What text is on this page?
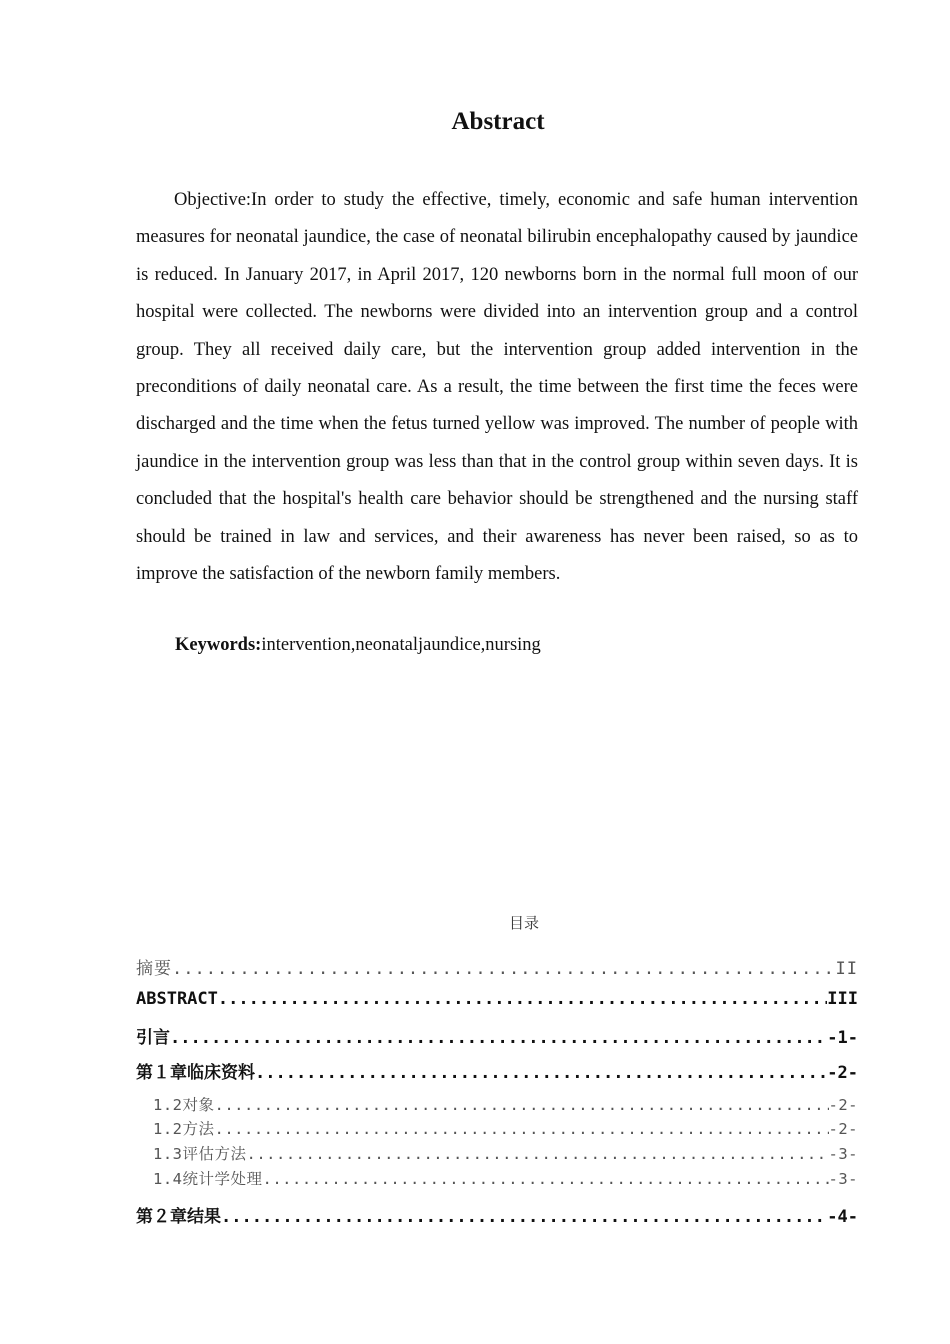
Abstract

Objective:In order to study the effective, timely, economic and safe human intervention measures for neonatal jaundice, the case of neonatal bilirubin encephalopathy caused by jaundice is reduced. In January 2017, in April 2017, 120 newborns born in the normal full moon of our hospital were collected. The newborns were divided into an intervention group and a control group. They all received daily care, but the intervention group added intervention in the preconditions of daily neonatal care. As a result, the time between the first time the feces were discharged and the time when the fetus turned yellow was improved. The number of people with jaundice in the intervention group was less than that in the control group within seven days. It is concluded that the hospital's health care behavior should be strengthened and the nursing staff should be trained in law and services, and their awareness has never been raised, so as to improve the satisfaction of the newborn family members.

Keywords:intervention,neonataljaundice,nursing
目录
摘要 .....	II
ABSTRACT .....	III
引言 .....	-1-
第１章临床资料 .....	-2-
1.2对象 .....	-2-
1.2方法 .....	-2-
1.3评估方法 .....	-3-
1.4统计学处理 .....	-3-
第２章结果 .....	-4-
